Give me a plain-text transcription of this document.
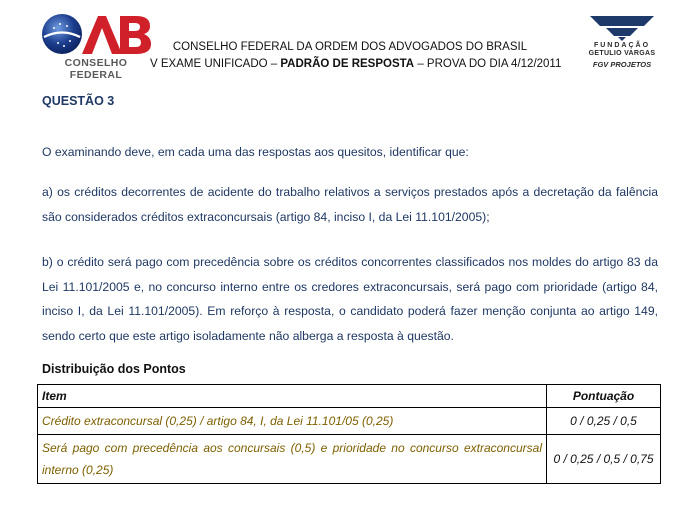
CONSELHO FEDERAL
CONSELHO FEDERAL DA ORDEM DOS ADVOGADOS DO BRASIL
V EXAME UNIFICADO – PADRÃO DE RESPOSTA – PROVA DO DIA 4/12/2011
FUNDAÇÃO
GETULIO VARGAS
FGV PROJETOS

QUESTÃO 3

O examinando deve, em cada uma das respostas aos quesitos, identificar que:

a) os créditos decorrentes de acidente do trabalho relativos a serviços prestados após a decretação da falência são considerados créditos extraconcursais (artigo 84, inciso I, da Lei 11.101/2005);

b) o crédito será pago com precedência sobre os créditos concorrentes classificados nos moldes do artigo 83 da Lei 11.101/2005 e, no concurso interno entre os credores extraconcursais, será pago com prioridade (artigo 84, inciso I, da Lei 11.101/2005). Em reforço à resposta, o candidato poderá fazer menção conjunta ao artigo 149, sendo certo que este artigo isoladamente não alberga a resposta à questão.

Distribuição dos Pontos
Item	Pontuação
Crédito extraconcursal (0,25) / artigo 84, I, da Lei 11.101/05 (0,25)	0 / 0,25 / 0,5
Será pago com precedência aos concursais (0,5) e prioridade no concurso extraconcursal interno (0,25)	0 / 0,25 / 0,5 / 0,75
